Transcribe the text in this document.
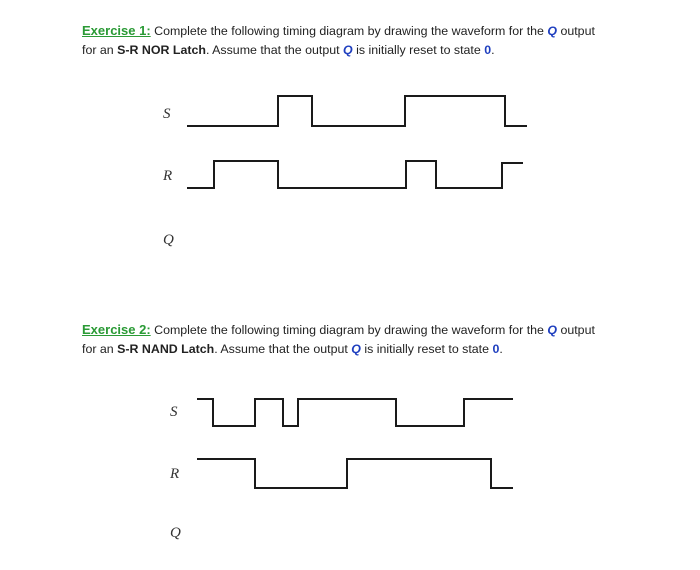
Exercise 1: Complete the following timing diagram by drawing the waveform for the Q output
for an S-R NOR Latch. Assume that the output Q is initially reset to state 0.
Exercise 2: Complete the following timing diagram by drawing the waveform for the Q output
for an S-R NAND Latch. Assume that the output Q is initially reset to state 0.
S
R
Q
S
R
Q
